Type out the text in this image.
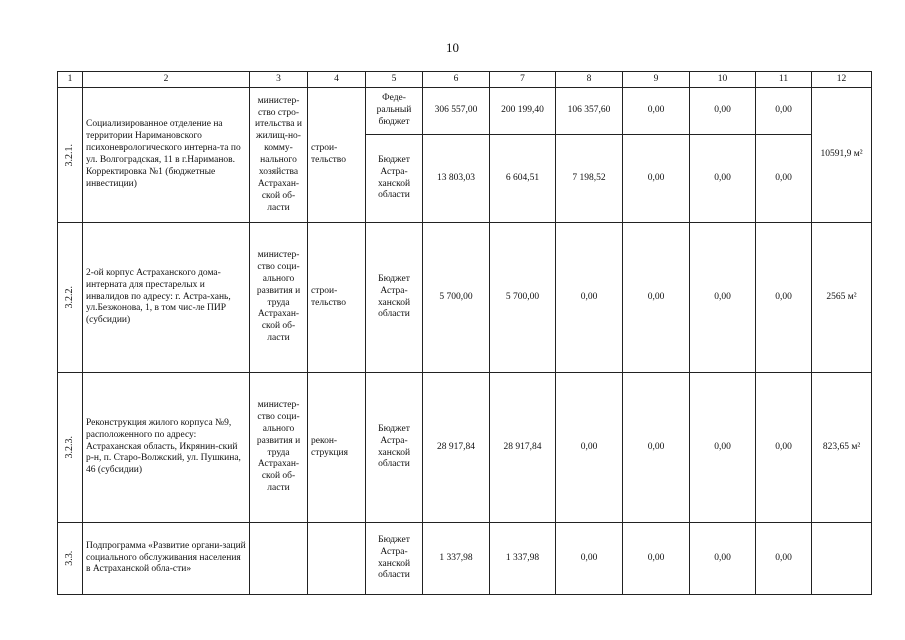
10
1	2	3	4	5	6	7	8	9	10	11	12

3.2.1.	Социализированное отделение на территории Наримановского психоневрологического интерна-та по ул. Волгоградская, 11 в г.Нариманов. Корректировка №1 (бюджетные инвестиции)	министер-ство стро-ительства и жилищ-но-комму-нального хозяйства Астрахан-ской об-ласти	строи-тельство	Феде-ральный бюджет	306 557,00	200 199,40	106 357,60	0,00	0,00	0,00	10591,9 м²
				Бюджет Астра-ханской области	13 803,03	6 604,51	7 198,52	0,00	0,00	0,00	

3.2.2.	2-ой корпус Астраханского дома-интерната для престарелых и инвалидов по адресу: г. Астра-хань, ул.Безжонова, 1, в том чис-ле ПИР (субсидии)	министер-ство соци-ального развития и труда Астрахан-ской об-ласти	строи-тельство	Бюджет Астра-ханской области	5 700,00	5 700,00	0,00	0,00	0,00	0,00	2565 м²

3.2.3.	Реконструкция жилого корпуса №9, расположенного по адресу: Астраханская область, Икрянин-ский р-н, п. Старо-Волжский, ул. Пушкина, 46 (субсидии)	министер-ство соци-ального развития и труда Астрахан-ской об-ласти	рекон-струкция	Бюджет Астра-ханской области	28 917,84	28 917,84	0,00	0,00	0,00	0,00	823,65 м²

3.3.	Подпрограмма «Развитие органи-заций социального обслуживания населения в Астраханской обла-сти»			Бюджет Астра-ханской области	1 337,98	1 337,98	0,00	0,00	0,00	0,00	
